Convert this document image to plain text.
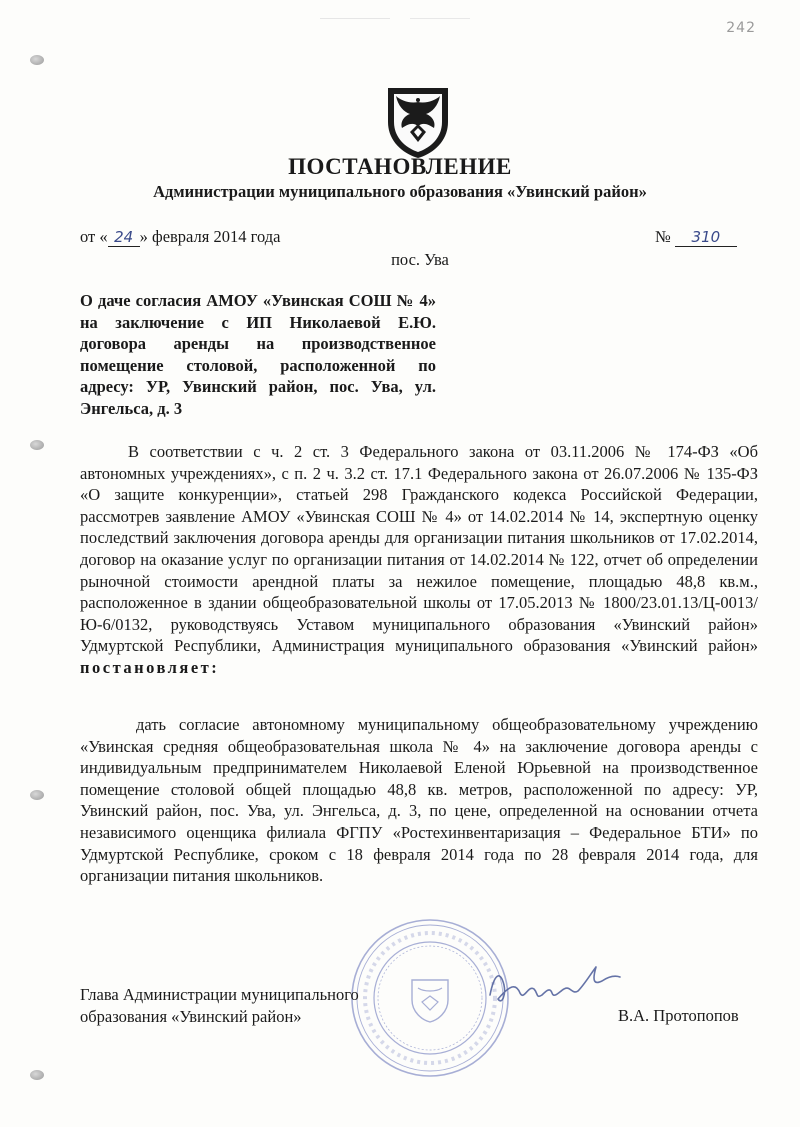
242
ПОСТАНОВЛЕНИЕ
Администрации муниципального образования «Увинский район»
от « 24 » февраля 2014 года	№ 310
пос. Ува
О даче согласия АМОУ «Увинская СОШ № 4» на заключение с ИП Николаевой Е.Ю. договора аренды на производственное помещение столовой, расположенной по адресу: УР, Увинский район, пос. Ува, ул. Энгельса, д. 3

В соответствии с ч. 2 ст. 3 Федерального закона от 03.11.2006 № 174-ФЗ «Об автономных учреждениях», с п. 2 ч. 3.2 ст. 17.1 Федерального закона от 26.07.2006 № 135-ФЗ «О защите конкуренции», статьей 298 Гражданского кодекса Российской Федерации, рассмотрев заявление АМОУ «Увинская СОШ № 4» от 14.02.2014 № 14, экспертную оценку последствий заключения договора аренды для организации питания школьников от 17.02.2014, договор на оказание услуг по организации питания от 14.02.2014 № 122, отчет об определении рыночной стоимости арендной платы за нежилое помещение, площадью 48,8 кв.м., расположенное в здании общеобразовательной школы от 17.05.2013 № 1800/23.01.13/Ц-0013/Ю-6/0132, руководствуясь Уставом муниципального образования «Увинский район» Удмуртской Республики, Администрация муниципального образования «Увинский район» постановляет:

дать согласие автономному муниципальному общеобразовательному учреждению «Увинская средняя общеобразовательная школа № 4» на заключение договора аренды с индивидуальным предпринимателем Николаевой Еленой Юрьевной на производственное помещение столовой общей площадью 48,8 кв. метров, расположенной по адресу: УР, Увинский район, пос. Ува, ул. Энгельса, д. 3, по цене, определенной на основании отчета независимого оценщика филиала ФГПУ «Ростехинвентаризация – Федеральное БТИ» по Удмуртской Республике, сроком с 18 февраля 2014 года по 28 февраля 2014 года, для организации питания школьников.

Глава Администрации муниципального
образования «Увинский район»	В.А. Протопопов
